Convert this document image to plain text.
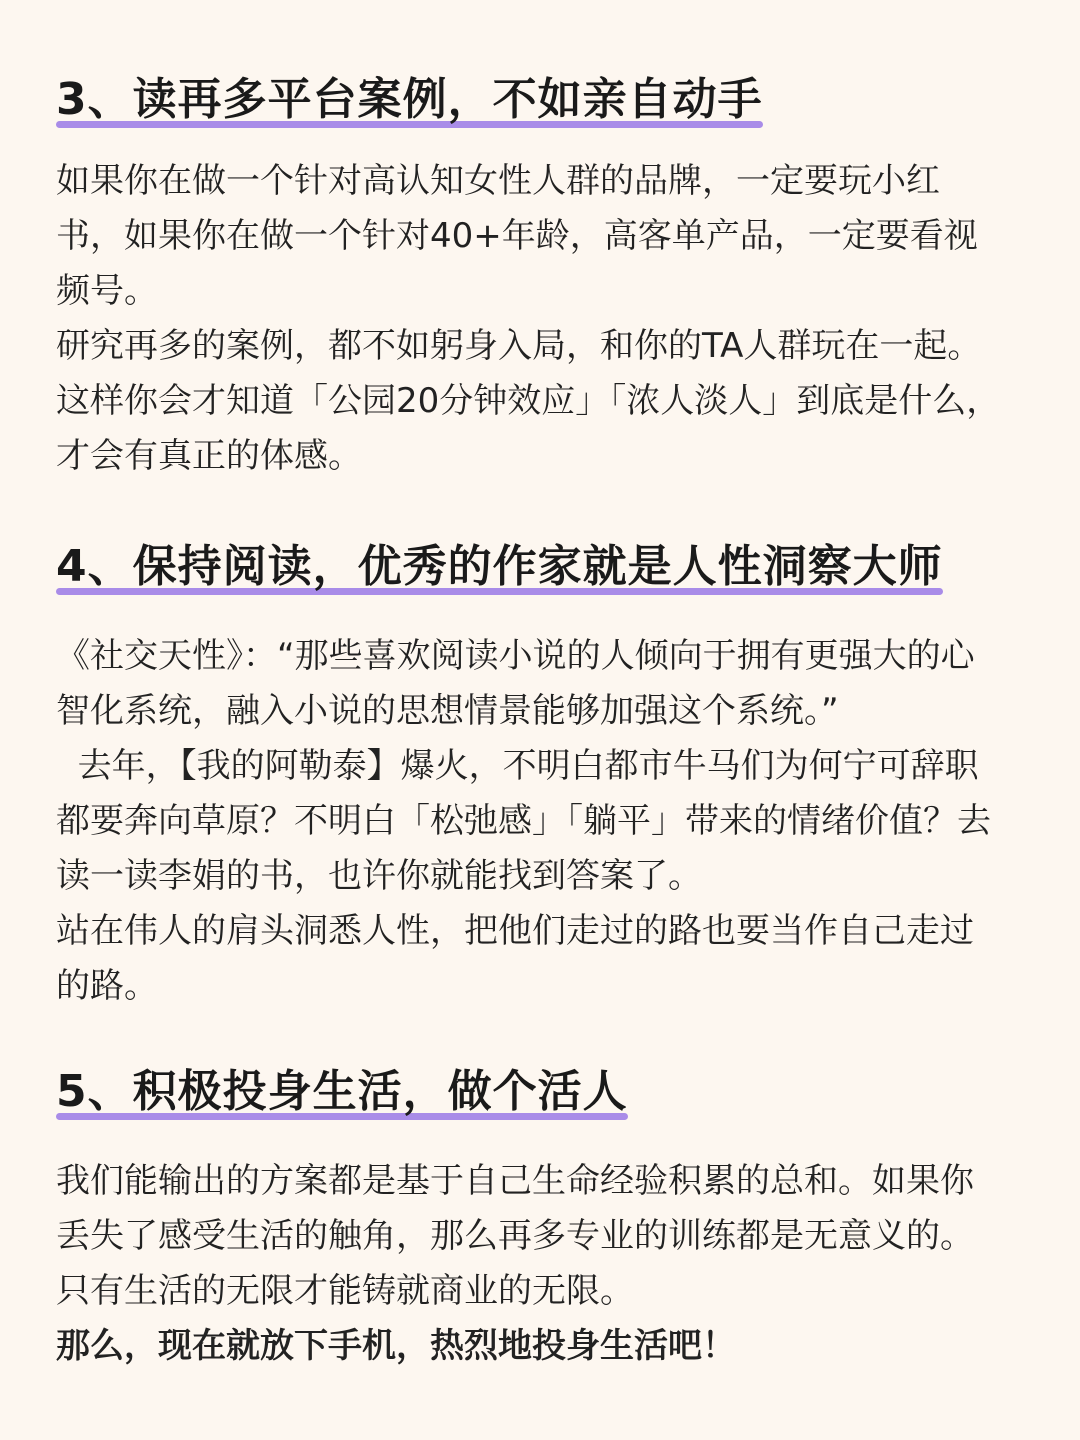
3、读再多平台案例，不如亲自动手

如果你在做一个针对高认知女性人群的品牌，一定要玩小红书，如果你在做一个针对40+年龄，高客单产品，一定要看视频号。

研究再多的案例，都不如躬身入局，和你的TA人群玩在一起。这样你会才知道「公园20分钟效应」「浓人淡人」到底是什么，才会有真正的体感。

4、保持阅读，优秀的作家就是人性洞察大师

《社交天性》：“那些喜欢阅读小说的人倾向于拥有更强大的心智化系统，融入小说的思想情景能够加强这个系统。”

去年，【我的阿勒泰】爆火，不明白都市牛马们为何宁可辞职都要奔向草原？不明白「松弛感」「躺平」带来的情绪价值？去读一读李娟的书，也许你就能找到答案了。

站在伟人的肩头洞悉人性，把他们走过的路也要当作自己走过的路。

5、积极投身生活，做个活人

我们能输出的方案都是基于自己生命经验积累的总和。如果你丢失了感受生活的触角，那么再多专业的训练都是无意义的。只有生活的无限才能铸就商业的无限。

那么，现在就放下手机，热烈地投身生活吧！
